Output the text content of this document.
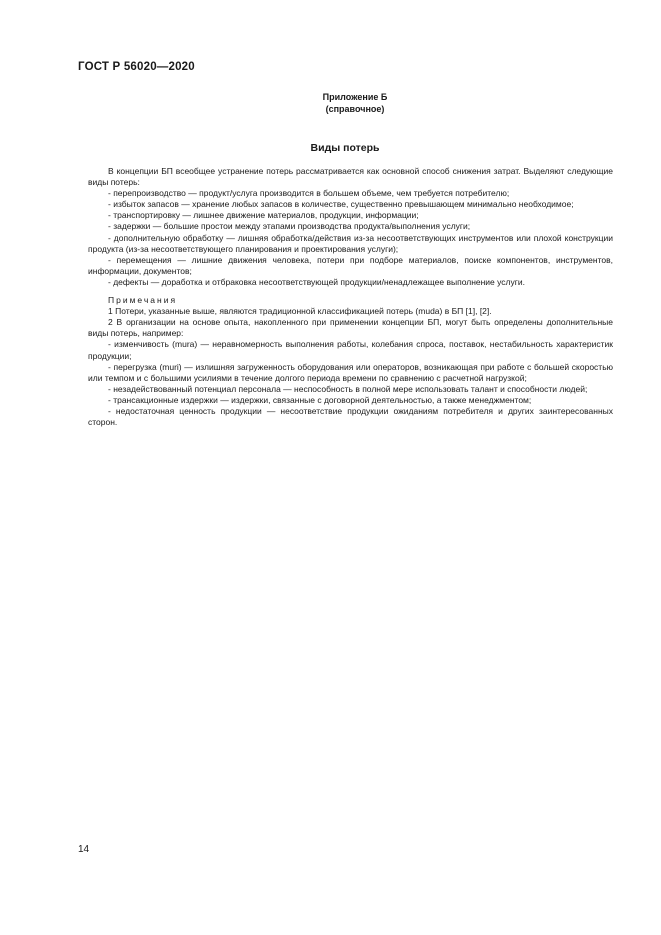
ГОСТ Р 56020—2020
Приложение Б
(справочное)
Виды потерь

В концепции БП всеобщее устранение потерь рассматривается как основной способ снижения затрат. Выделяют следующие виды потерь:

- перепроизводство — продукт/услуга производится в большем объеме, чем требуется потребителю;

- избыток запасов — хранение любых запасов в количестве, существенно превышающем минимально необходимое;

- транспортировку — лишнее движение материалов, продукции, информации;

- задержки — большие простои между этапами производства продукта/выполнения услуги;

- дополнительную обработку — лишняя обработка/действия из-за несоответствующих инструментов или плохой конструкции продукта (из-за несоответствующего планирования и проектирования услуги);

- перемещения — лишние движения человека, потери при подборе материалов, поиске компонентов, инструментов, информации, документов;

- дефекты — доработка и отбраковка несоответствующей продукции/ненадлежащее выполнение услуги.

Примечания

1 Потери, указанные выше, являются традиционной классификацией потерь (muda) в БП [1], [2].

2 В организации на основе опыта, накопленного при применении концепции БП, могут быть определены дополнительные виды потерь, например:

- изменчивость (mura) — неравномерность выполнения работы, колебания спроса, поставок, нестабильность характеристик продукции;

- перегрузка (muri) — излишняя загруженность оборудования или операторов, возникающая при работе с большей скоростью или темпом и с большими усилиями в течение долгого периода времени по сравнению с расчетной нагрузкой;

- незадействованный потенциал персонала — неспособность в полной мере использовать талант и способности людей;

- трансакционные издержки — издержки, связанные с договорной деятельностью, а также менеджментом;

- недостаточная ценность продукции — несоответствие продукции ожиданиям потребителя и других заинтересованных сторон.

14
